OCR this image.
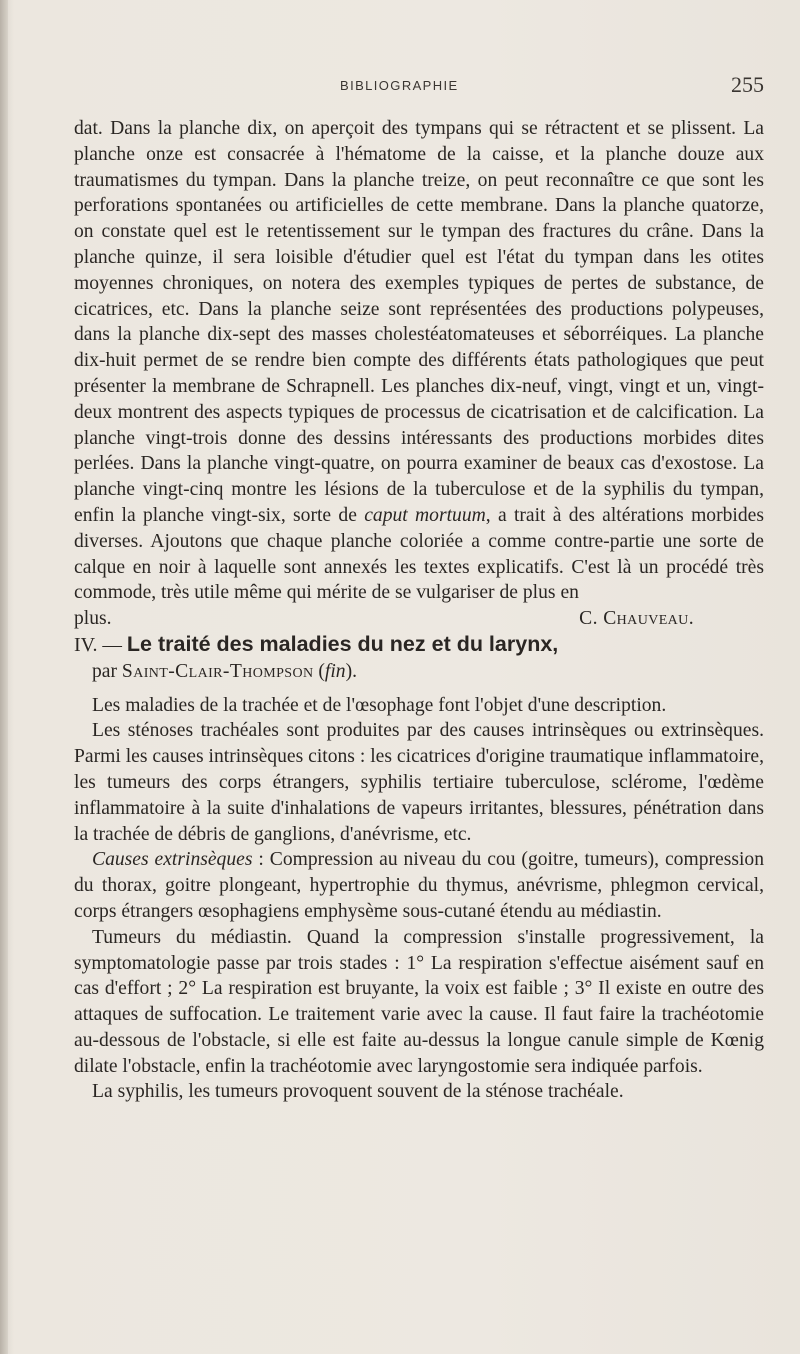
BIBLIOGRAPHIE	255

dat. Dans la planche dix, on aperçoit des tympans qui se rétractent et se plissent. La planche onze est consacrée à l'hématome de la caisse, et la planche douze aux traumatismes du tympan. Dans la planche treize, on peut reconnaître ce que sont les perforations spontanées ou artificielles de cette membrane. Dans la planche quatorze, on constate quel est le retentissement sur le tympan des fractures du crâne. Dans la planche quinze, il sera loisible d'étudier quel est l'état du tympan dans les otites moyennes chroniques, on notera des exemples typiques de pertes de substance, de cicatrices, etc. Dans la planche seize sont représentées des productions polypeuses, dans la planche dix-sept des masses cholestéatomateuses et séborréiques. La planche dix-huit permet de se rendre bien compte des différents états pathologiques que peut présenter la membrane de Schrapnell. Les planches dix-neuf, vingt, vingt et un, vingt-deux montrent des aspects typiques de processus de cicatrisation et de calcification. La planche vingt-trois donne des dessins intéressants des productions morbides dites perlées. Dans la planche vingt-quatre, on pourra examiner de beaux cas d'exostose. La planche vingt-cinq montre les lésions de la tuberculose et de la syphilis du tympan, enfin la planche vingt-six, sorte de caput mortuum, a trait à des altérations morbides diverses. Ajoutons que chaque planche coloriée a comme contre-partie une sorte de calque en noir à laquelle sont annexés les textes explicatifs. C'est là un procédé très commode, très utile même qui mérite de se vulgariser de plus en

plus.	C. Chauveau.

IV. — Le traité des maladies du nez et du larynx,

par Saint-Clair-Thompson (fin).

Les maladies de la trachée et de l'œsophage font l'objet d'une description.

Les sténoses trachéales sont produites par des causes intrinsèques ou extrinsèques. Parmi les causes intrinsèques citons : les cicatrices d'origine traumatique inflammatoire, les tumeurs des corps étrangers, syphilis tertiaire tuberculose, sclérome, l'œdème inflammatoire à la suite d'inhalations de vapeurs irritantes, blessures, pénétration dans la trachée de débris de ganglions, d'anévrisme, etc.

Causes extrinsèques : Compression au niveau du cou (goitre, tumeurs), compression du thorax, goitre plongeant, hypertrophie du thymus, anévrisme, phlegmon cervical, corps étrangers œsophagiens emphysème sous-cutané étendu au médiastin.

Tumeurs du médiastin. Quand la compression s'installe progressivement, la symptomatologie passe par trois stades : 1° La respiration s'effectue aisément sauf en cas d'effort ; 2° La respiration est bruyante, la voix est faible ; 3° Il existe en outre des attaques de suffocation. Le traitement varie avec la cause. Il faut faire la trachéotomie au-dessous de l'obstacle, si elle est faite au-dessus la longue canule simple de Kœnig dilate l'obstacle, enfin la trachéotomie avec laryngostomie sera indiquée parfois.

La syphilis, les tumeurs provoquent souvent de la sténose trachéale.
